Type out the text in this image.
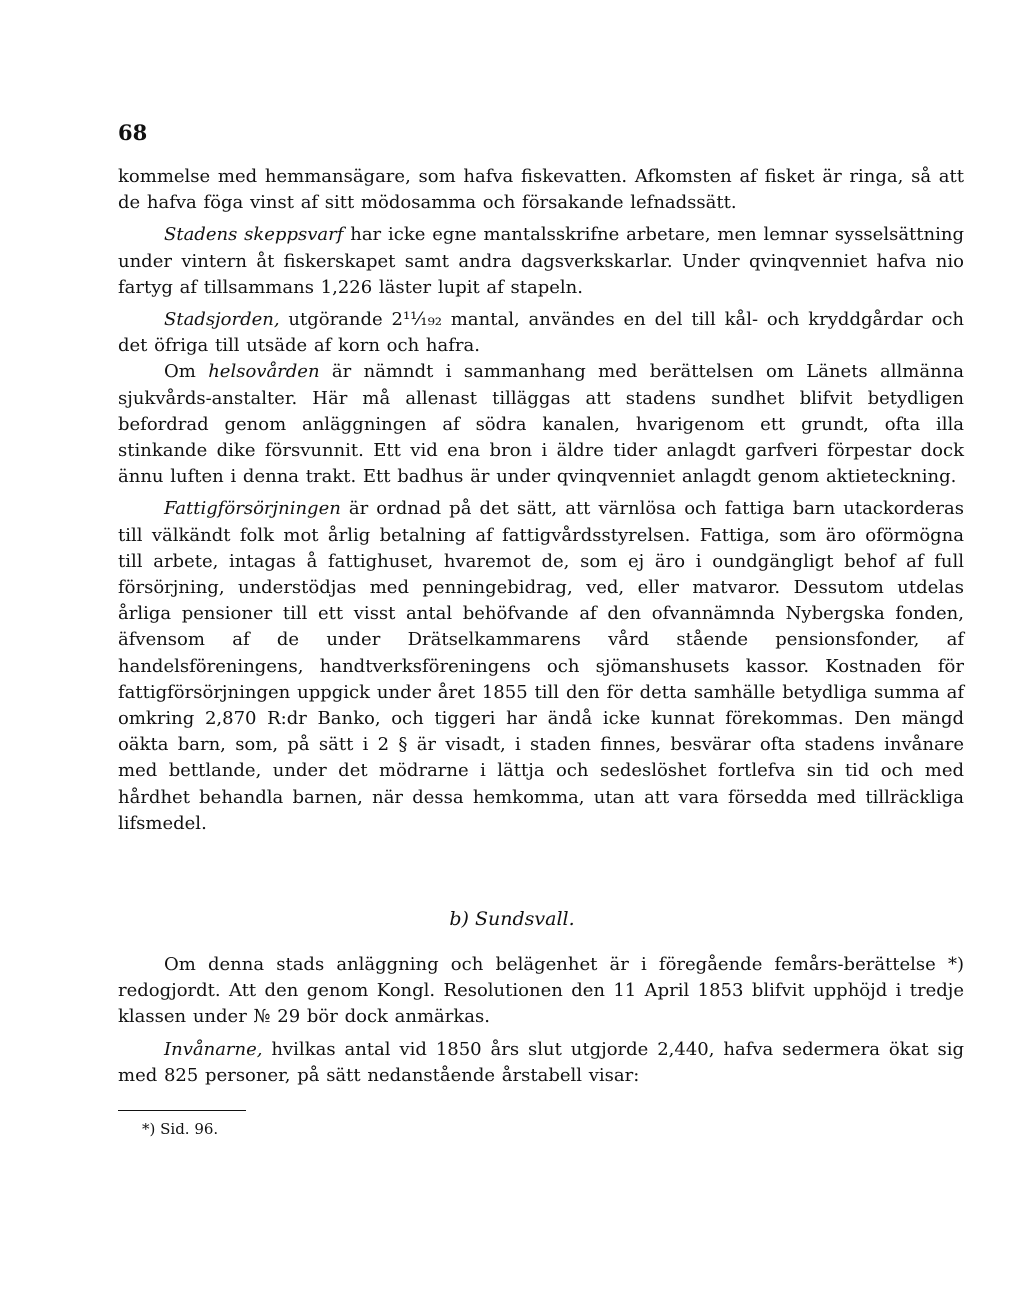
68

kommelse med hemmansägare, som hafva fiskevatten. Afkomsten af fisket är ringa, så att de hafva föga vinst af sitt mödosamma och försakande lefnadssätt.

Stadens skeppsvarf har icke egne mantalsskrifne arbetare, men lemnar sysselsättning under vintern åt fiskerskapet samt andra dagsverkskarlar. Under qvinqvenniet hafva nio fartyg af tillsammans 1,226 läster lupit af stapeln.

Stadsjorden, utgörande 2¹¹⁄₁₉₂ mantal, användes en del till kål- och kryddgårdar och det öfriga till utsäde af korn och hafra.

Om helsovården är nämndt i sammanhang med berättelsen om Länets allmänna sjukvårds-anstalter. Här må allenast tilläggas att stadens sundhet blifvit betydligen befordrad genom anläggningen af södra kanalen, hvarigenom ett grundt, ofta illa stinkande dike försvunnit. Ett vid ena bron i äldre tider anlagdt garfveri förpestar dock ännu luften i denna trakt. Ett badhus är under qvinqvenniet anlagdt genom aktieteckning.

Fattigförsörjningen är ordnad på det sätt, att värnlösa och fattiga barn utackorderas till välkändt folk mot årlig betalning af fattigvårdsstyrelsen. Fattiga, som äro oförmögna till arbete, intagas å fattighuset, hvaremot de, som ej äro i oundgängligt behof af full försörjning, understödjas med penningebidrag, ved, eller matvaror. Dessutom utdelas årliga pensioner till ett visst antal behöfvande af den ofvannämnda Nybergska fonden, äfvensom af de under Drätselkammarens vård stående pensionsfonder, af handelsföreningens, handtverksföreningens och sjömanshusets kassor. Kostnaden för fattigförsörjningen uppgick under året 1855 till den för detta samhälle betydliga summa af omkring 2,870 R:dr Banko, och tiggeri har ändå icke kunnat förekommas. Den mängd oäkta barn, som, på sätt i 2 § är visadt, i staden finnes, besvärar ofta stadens invånare med bettlande, under det mödrarne i lättja och sedeslöshet fortlefva sin tid och med hårdhet behandla barnen, när dessa hemkomma, utan att vara försedda med tillräckliga lifsmedel.

b) Sundsvall.

Om denna stads anläggning och belägenhet är i föregående femårs-berättelse *) redogjordt. Att den genom Kongl. Resolutionen den 11 April 1853 blifvit upphöjd i tredje klassen under № 29 bör dock anmärkas.

Invånarne, hvilkas antal vid 1850 års slut utgjorde 2,440, hafva sedermera ökat sig med 825 personer, på sätt nedanstående årstabell visar:

*) Sid. 96.
